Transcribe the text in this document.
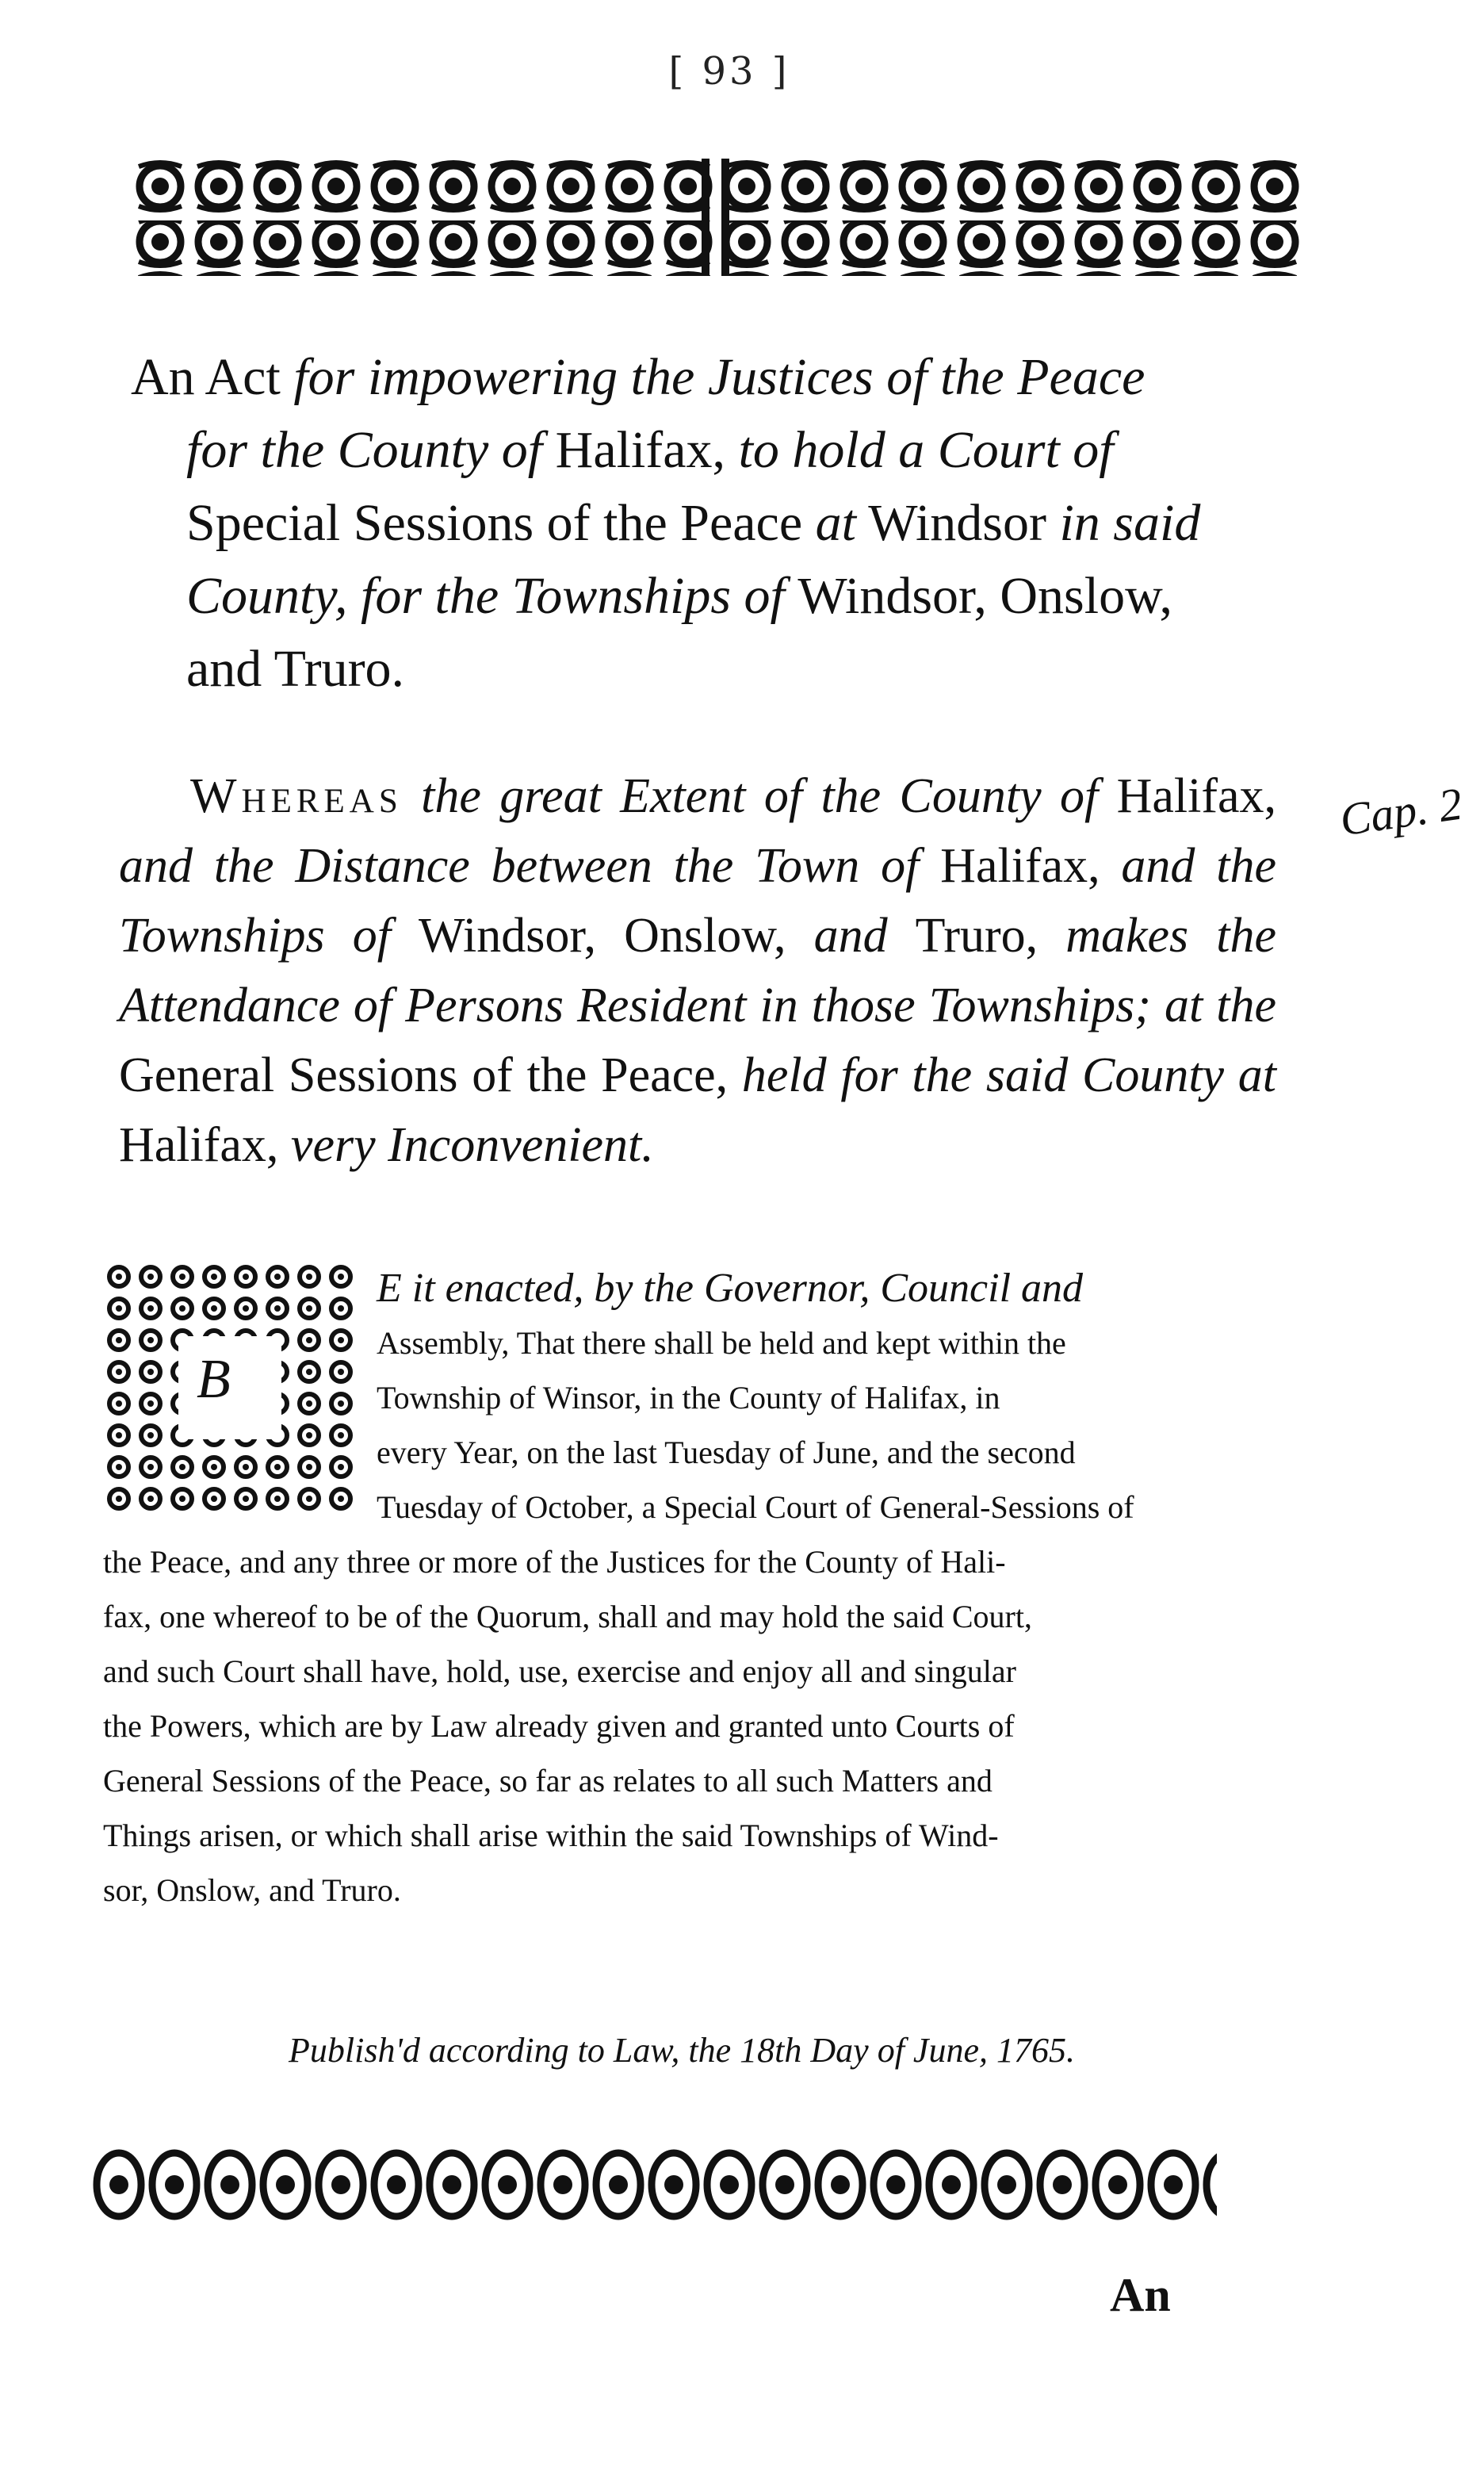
[ 93 ]

An Act for impowering the Justices of the Peace

for the County of Halifax, to hold a Court of

Special Sessions of the Peace at Windsor in said

County, for the Townships of Windsor, Onslow,

and Truro.

Whereas the great Extent of the County of Halifax, and the Distance between the Town of Halifax, and the Townships of Windsor, Onslow, and Truro, makes the Attendance of Persons Resident in those Townships; at the General Sessions of the Peace, held for the said County at Halifax, very Inconvenient.
Cap. 2
B

E it enacted, by the Governor, Council and

Assembly, That there shall be held and kept within the

Township of Winsor, in the County of Halifax, in

every Year, on the last Tuesday of June, and the second

Tuesday of October, a Special Court of General-Sessions of

the Peace, and any three or more of the Justices for the County of Hali-

fax, one whereof to be of the Quorum, shall and may hold the said Court,

and such Court shall have, hold, use, exercise and enjoy all and singular

the Powers, which are by Law already given and granted unto Courts of

General Sessions of the Peace, so far as relates to all such Matters and

Things arisen, or which shall arise within the said Townships of Wind-

sor, Onslow, and Truro.

Publish'd according to Law, the 18th Day of June, 1765.
An
